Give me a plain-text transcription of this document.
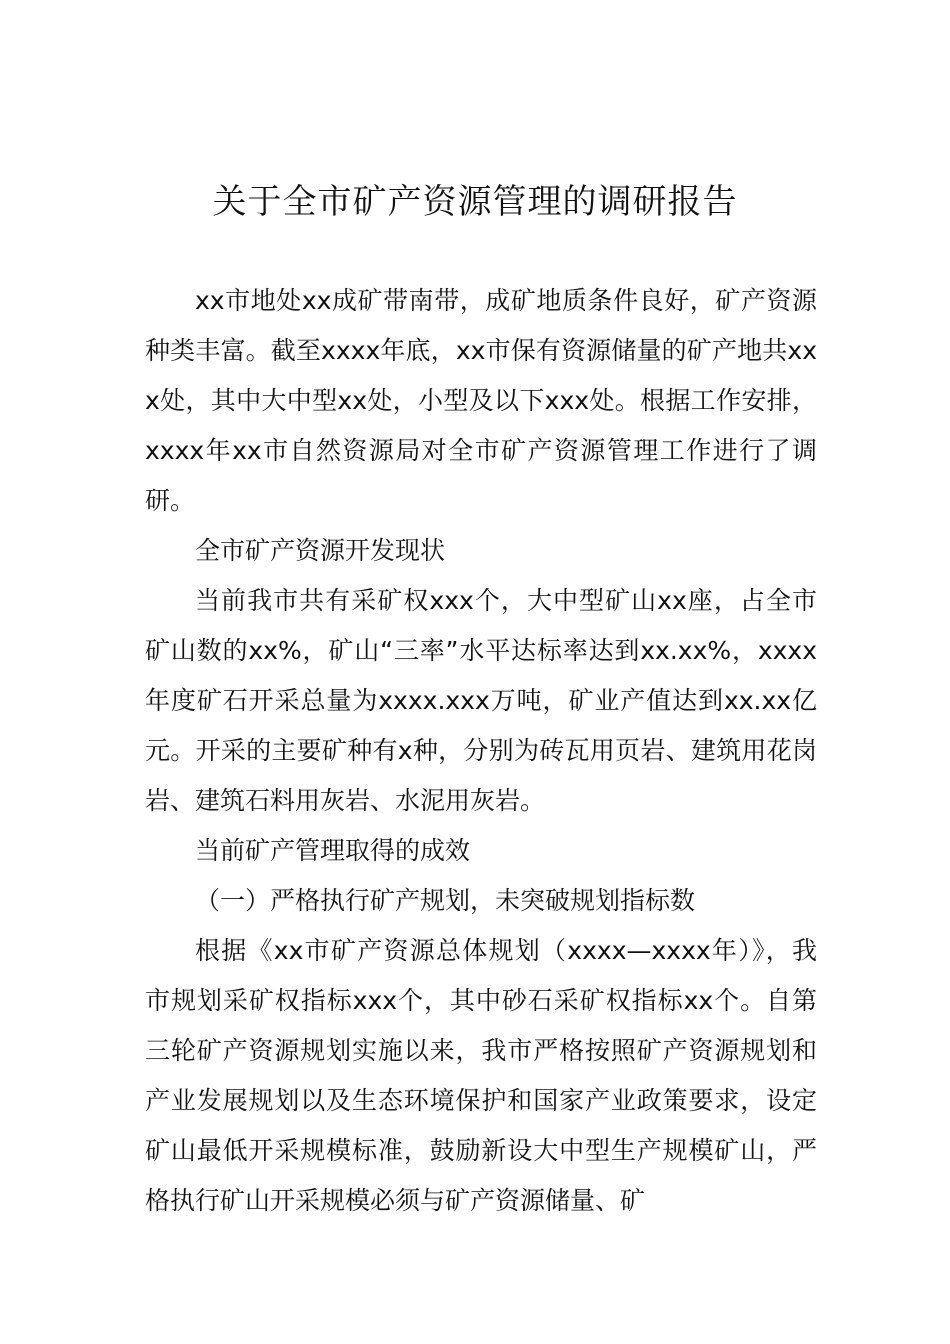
关于全市矿产资源管理的调研报告

xx市地处xx成矿带南带，成矿地质条件良好，矿产资源种类丰富。截至xxxx年底，xx市保有资源储量的矿产地共xxx处，其中大中型xx处，小型及以下xxx处。根据工作安排，xxxx年xx市自然资源局对全市矿产资源管理工作进行了调研。

全市矿产资源开发现状

当前我市共有采矿权xxx个，大中型矿山xx座，占全市矿山数的xx%，矿山“三率”水平达标率达到xx.xx%，xxxx年度矿石开采总量为xxxx.xxx万吨，矿业产值达到xx.xx亿元。开采的主要矿种有x种，分别为砖瓦用页岩、建筑用花岗岩、建筑石料用灰岩、水泥用灰岩。

当前矿产管理取得的成效

（一）严格执行矿产规划，未突破规划指标数

根据《xx市矿产资源总体规划（xxxx—xxxx年）》，我市规划采矿权指标xxx个，其中砂石采矿权指标xx个。自第三轮矿产资源规划实施以来，我市严格按照矿产资源规划和产业发展规划以及生态环境保护和国家产业政策要求，设定矿山最低开采规模标准，鼓励新设大中型生产规模矿山，严格执行矿山开采规模必须与矿产资源储量、矿
